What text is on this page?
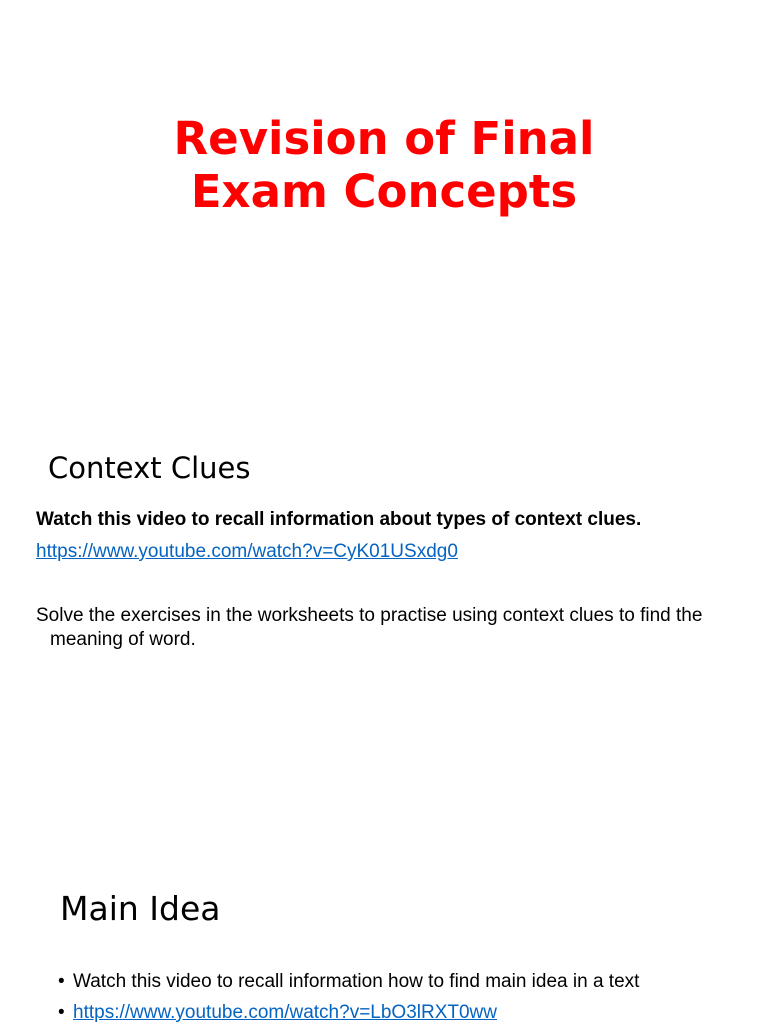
Revision of Final
Exam Concepts
Context Clues

Watch this video to recall information about types of context clues.

https://www.youtube.com/watch?v=CyK01USxdg0

Solve the exercises in the worksheets to practise using context clues to find the meaning of word.

Main Idea
• Watch this video to recall information how to find main idea in a text
• https://www.youtube.com/watch?v=LbO3lRXT0ww
